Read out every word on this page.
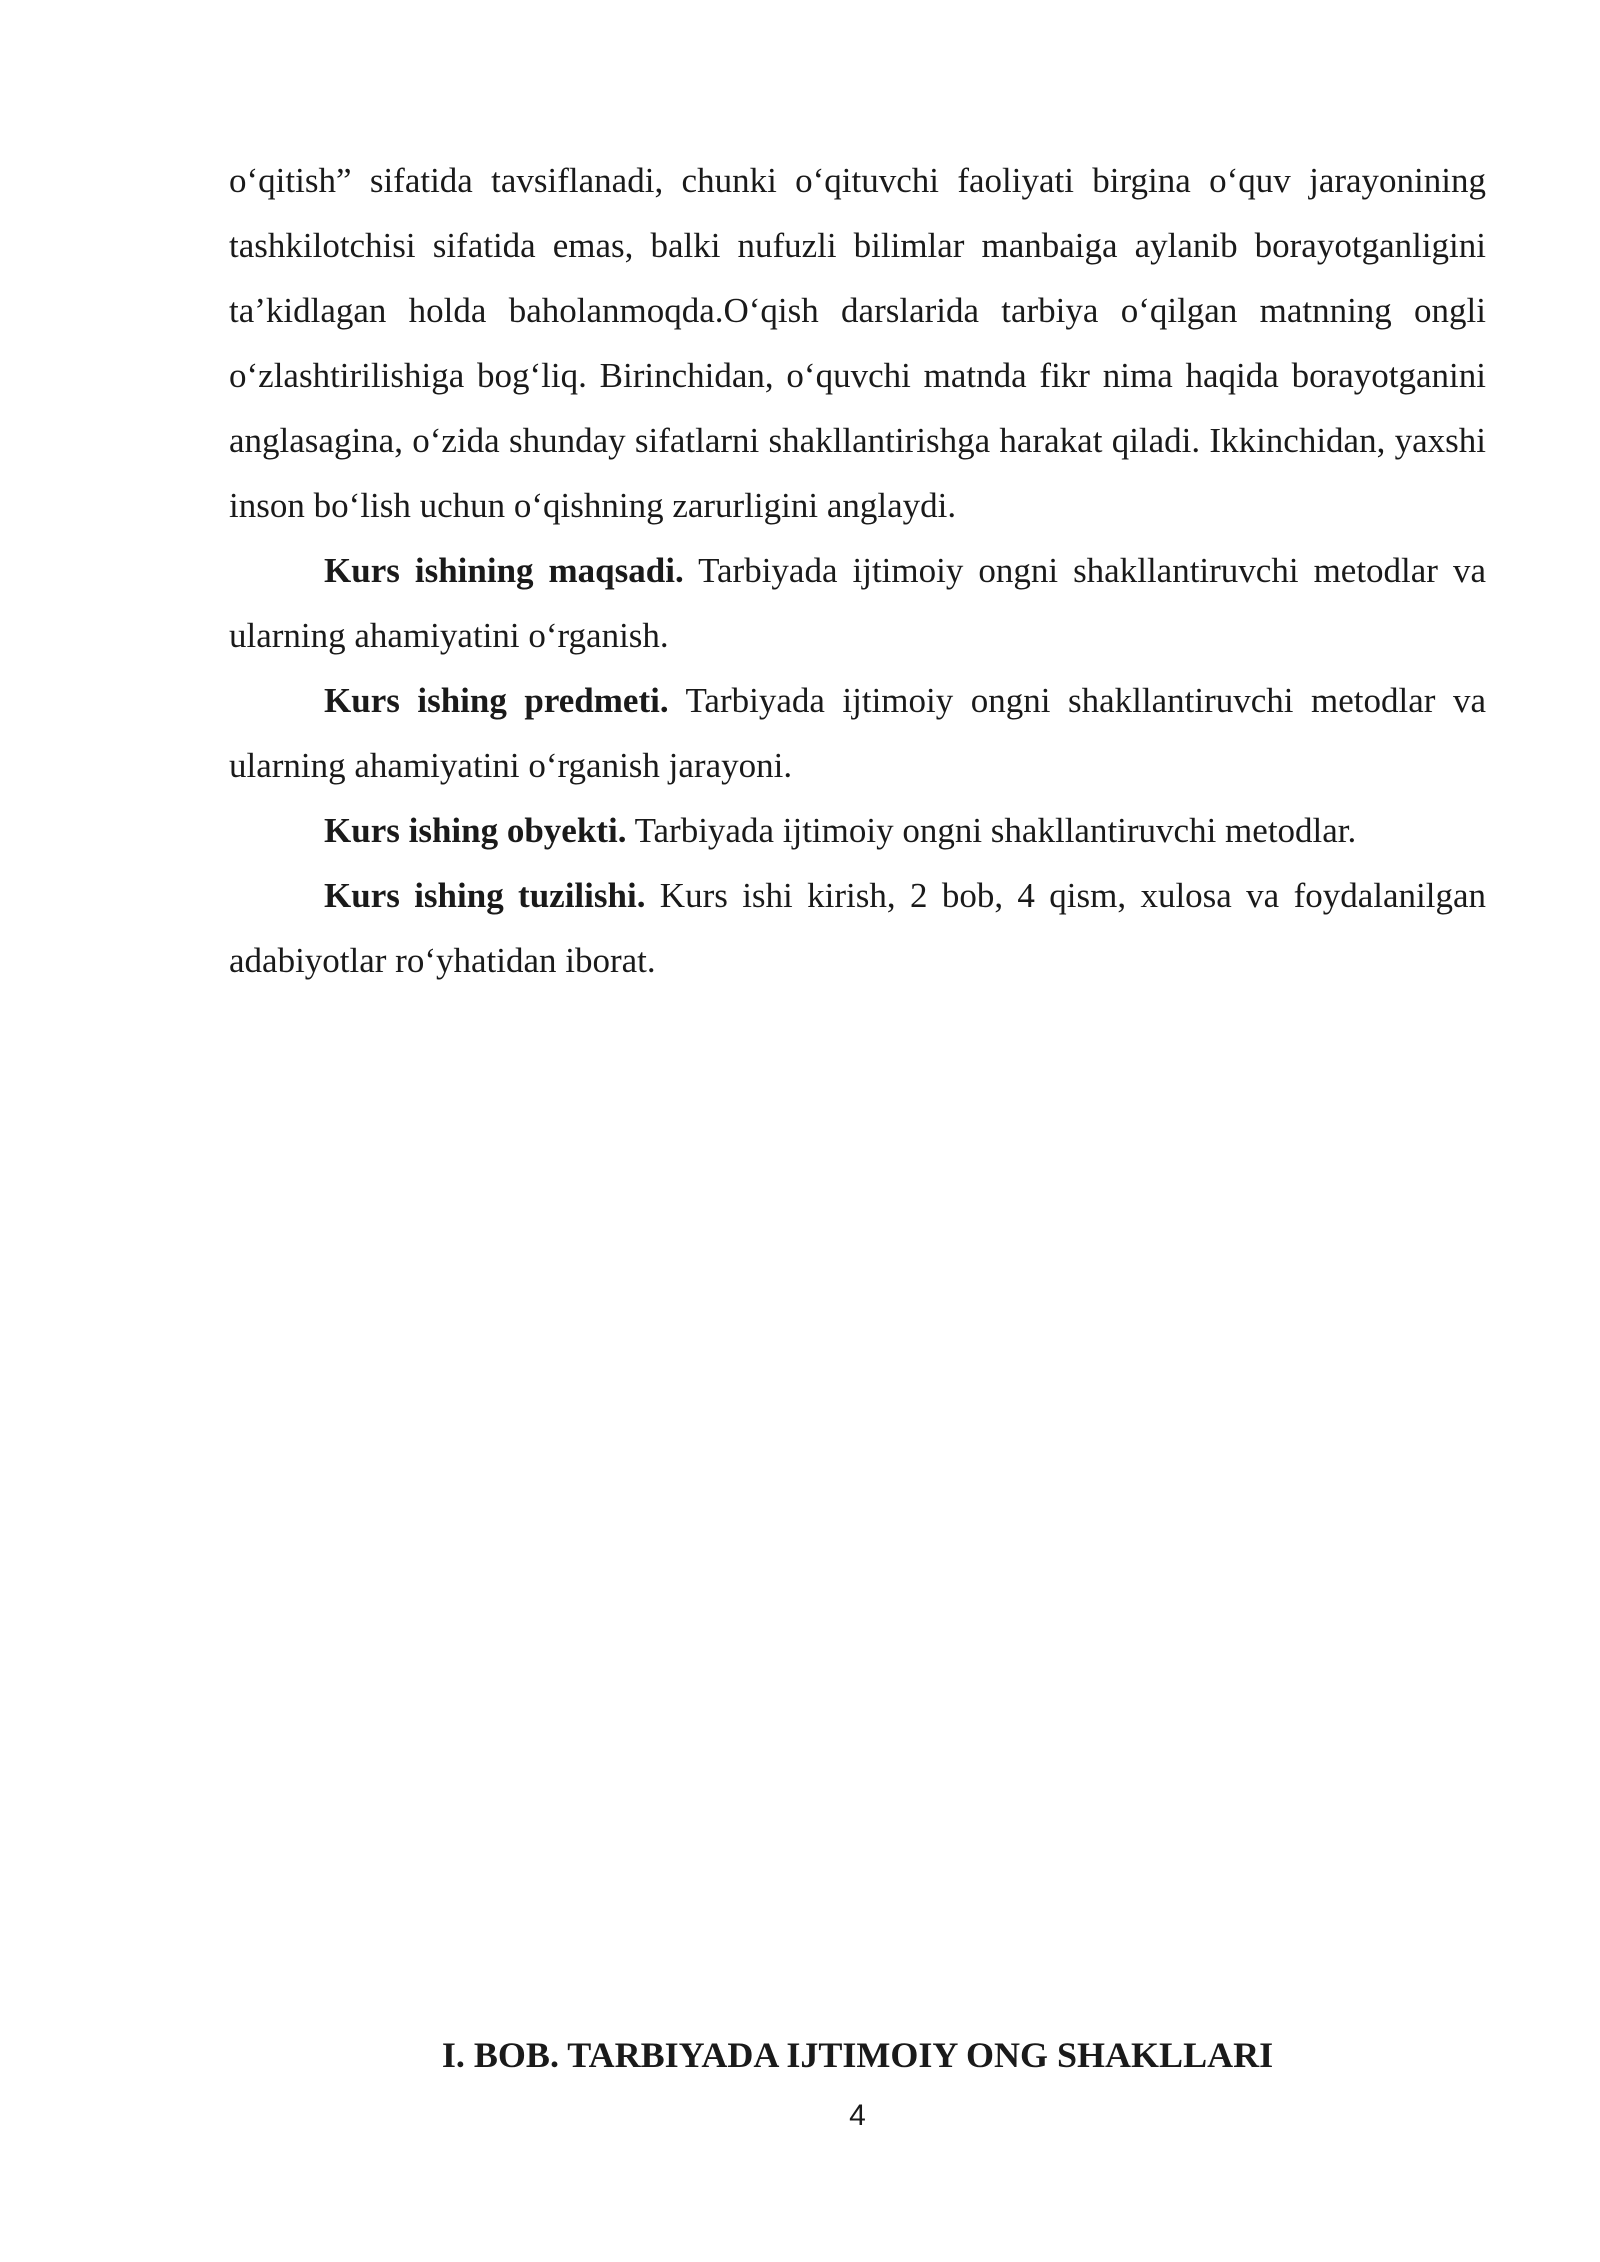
o‘qitish” sifatida tavsiflanadi, chunki o‘qituvchi faoliyati birgina o‘quv jarayonining tashkilotchisi sifatida emas, balki nufuzli bilimlar manbaiga aylanib borayotganligini ta’kidlagan holda baholanmoqda.O‘qish darslarida tarbiya o‘qilgan matnning ongli o‘zlashtirilishiga bog‘liq. Birinchidan, o‘quvchi matnda fikr nima haqida borayotganini anglasagina, o‘zida shunday sifatlarni shakllantirishga harakat qiladi. Ikkinchidan, yaxshi inson bo‘lish uchun o‘qishning zarurligini anglaydi.

Kurs ishining maqsadi. Tarbiyada ijtimoiy ongni shakllantiruvchi metodlar va ularning ahamiyatini o‘rganish.

Kurs ishing predmeti. Tarbiyada ijtimoiy ongni shakllantiruvchi metodlar va ularning ahamiyatini o‘rganish jarayoni.

Kurs ishing obyekti. Tarbiyada ijtimoiy ongni shakllantiruvchi metodlar.

Kurs ishing tuzilishi. Kurs ishi kirish, 2 bob, 4 qism, xulosa va foydalanilgan adabiyotlar ro‘yhatidan iborat.

I. BOB. TARBIYADA IJTIMOIY ONG SHAKLLARI
4
